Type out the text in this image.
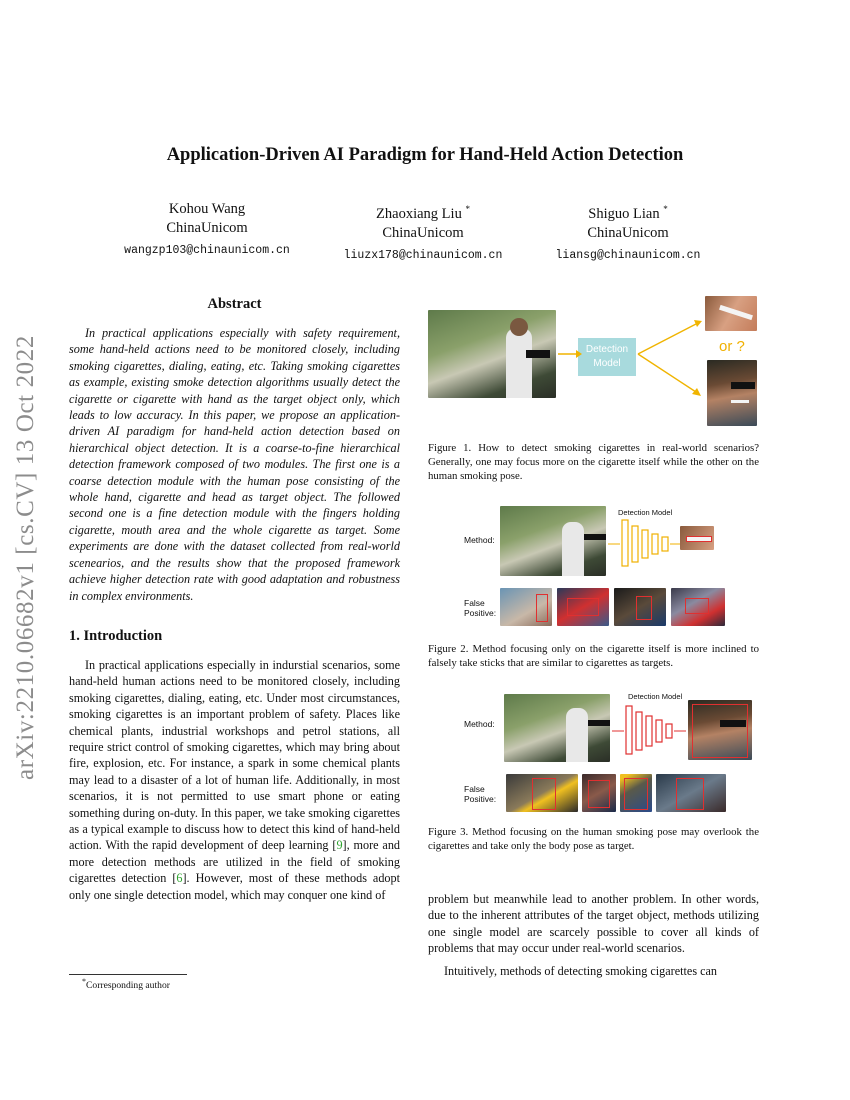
arXiv:2210.06682v1 [cs.CV] 13 Oct 2022
Application-Driven AI Paradigm for Hand-Held Action Detection
Kohou Wang
ChinaUnicom
wangzp103@chinaunicom.cn
Zhaoxiang Liu *
ChinaUnicom
liuzx178@chinaunicom.cn
Shiguo Lian *
ChinaUnicom
liansg@chinaunicom.cn
Abstract

In practical applications especially with safety requirement, some hand-held actions need to be monitored closely, including smoking cigarettes, dialing, eating, etc. Taking smoking cigarettes as example, existing smoke detection algorithms usually detect the cigarette or cigarette with hand as the target object only, which leads to low accuracy. In this paper, we propose an application-driven AI paradigm for hand-held action detection based on hierarchical object detection. It is a coarse-to-fine hierarchical detection framework composed of two modules. The first one is a coarse detection module with the human pose consisting of the whole hand, cigarette and head as target object. The followed second one is a fine detection module with the fingers holding cigarette, mouth area and the whole cigarette as target. Some experiments are done with the dataset collected from real-world scenearios, and the results show that the proposed framework achieve higher detection rate with good adaptation and robustness in complex environments.

1. Introduction

In practical applications especially in indurstial scenarios, some hand-held human actions need to be monitored closely, including smoking cigarettes, dialing, eating, etc. Under most circumstances, smoking cigarettes is an important problem of safety. Places like chemical plants, industrial workshops and petrol stations, all require strict control of smoking cigarettes, which may bring about fire, explosion, etc. For instance, a spark in some chemical plants may lead to a disaster of a lot of human life. Additionally, in most scenarios, it is not permitted to use smart phone or eating something during on-duty. In this paper, we take smoking cigarettes as a typical example to discuss how to detect this kind of hand-held action. With the rapid development of deep learning [9], more and more detection methods are utilized in the field of smoking cigarettes detection [6]. However, most of these methods adopt only one single detection model, which may conquer one kind of

*Corresponding author
Detection
Model
or ?

Figure 1. How to detect smoking cigarettes in real-world scenarios? Generally, one may focus more on the cigarette itself while the other on the human smoking pose.

Method:
Detection Model
False
Positive:

Figure 2. Method focusing only on the cigarette itself is more inclined to falsely take sticks that are similar to cigarettes as targets.

Method:
Detection Model
False
Positive:

Figure 3. Method focusing on the human smoking pose may overlook the cigarettes and take only the body pose as target.

problem but meanwhile lead to another problem. In other words, due to the inherent attributes of the target object, methods utilizing one single model are scarcely possible to cover all kinds of problems that may occur under real-world scenarios.

Intuitively, methods of detecting smoking cigarettes can
